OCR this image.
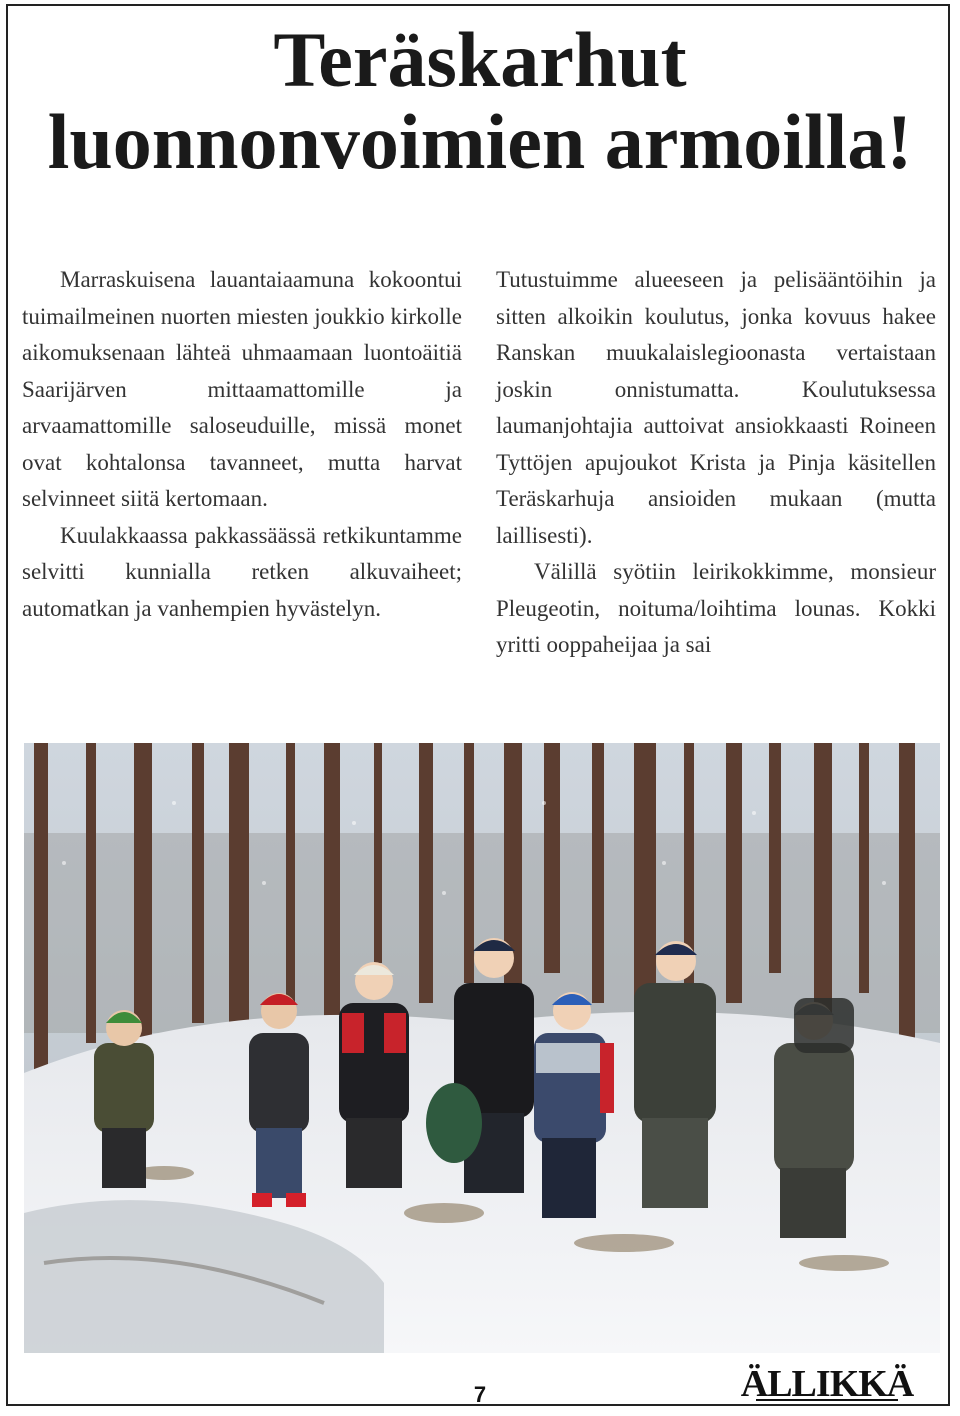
Teräskarhut
luonnonvoimien armoilla!

Marraskuisena lauantaiaamuna kokoontui tuimailmeinen nuorten miesten joukkio kirkolle aikomuksenaan lähteä uhmaamaan luontoäitiä Saarijärven mittaamattomille ja arvaamattomille saloseuduille, missä monet ovat kohtalonsa tavanneet, mutta harvat selvinneet siitä kertomaan.

Kuulakkaassa pakkassäässä retkikuntamme selvitti kunnialla retken alkuvaiheet; automatkan ja vanhempien hyvästelyn.

Tutustuimme alueeseen ja pelisääntöihin ja sitten alkoikin koulutus, jonka kovuus hakee Ranskan muukalaislegioonasta vertaistaan joskin onnistumatta. Koulutuksessa laumanjohtajia auttoivat ansiokkaasti Roineen Tyttöjen apujoukot Krista ja Pinja käsitellen Teräskarhuja ansioiden mukaan (mutta laillisesti).

Välillä syötiin leirikokkimme, monsieur Pleugeotin, noituma/loihtima lounas. Kokki yritti ooppaheijaa ja sai

7	ÄLLIKKÄ
